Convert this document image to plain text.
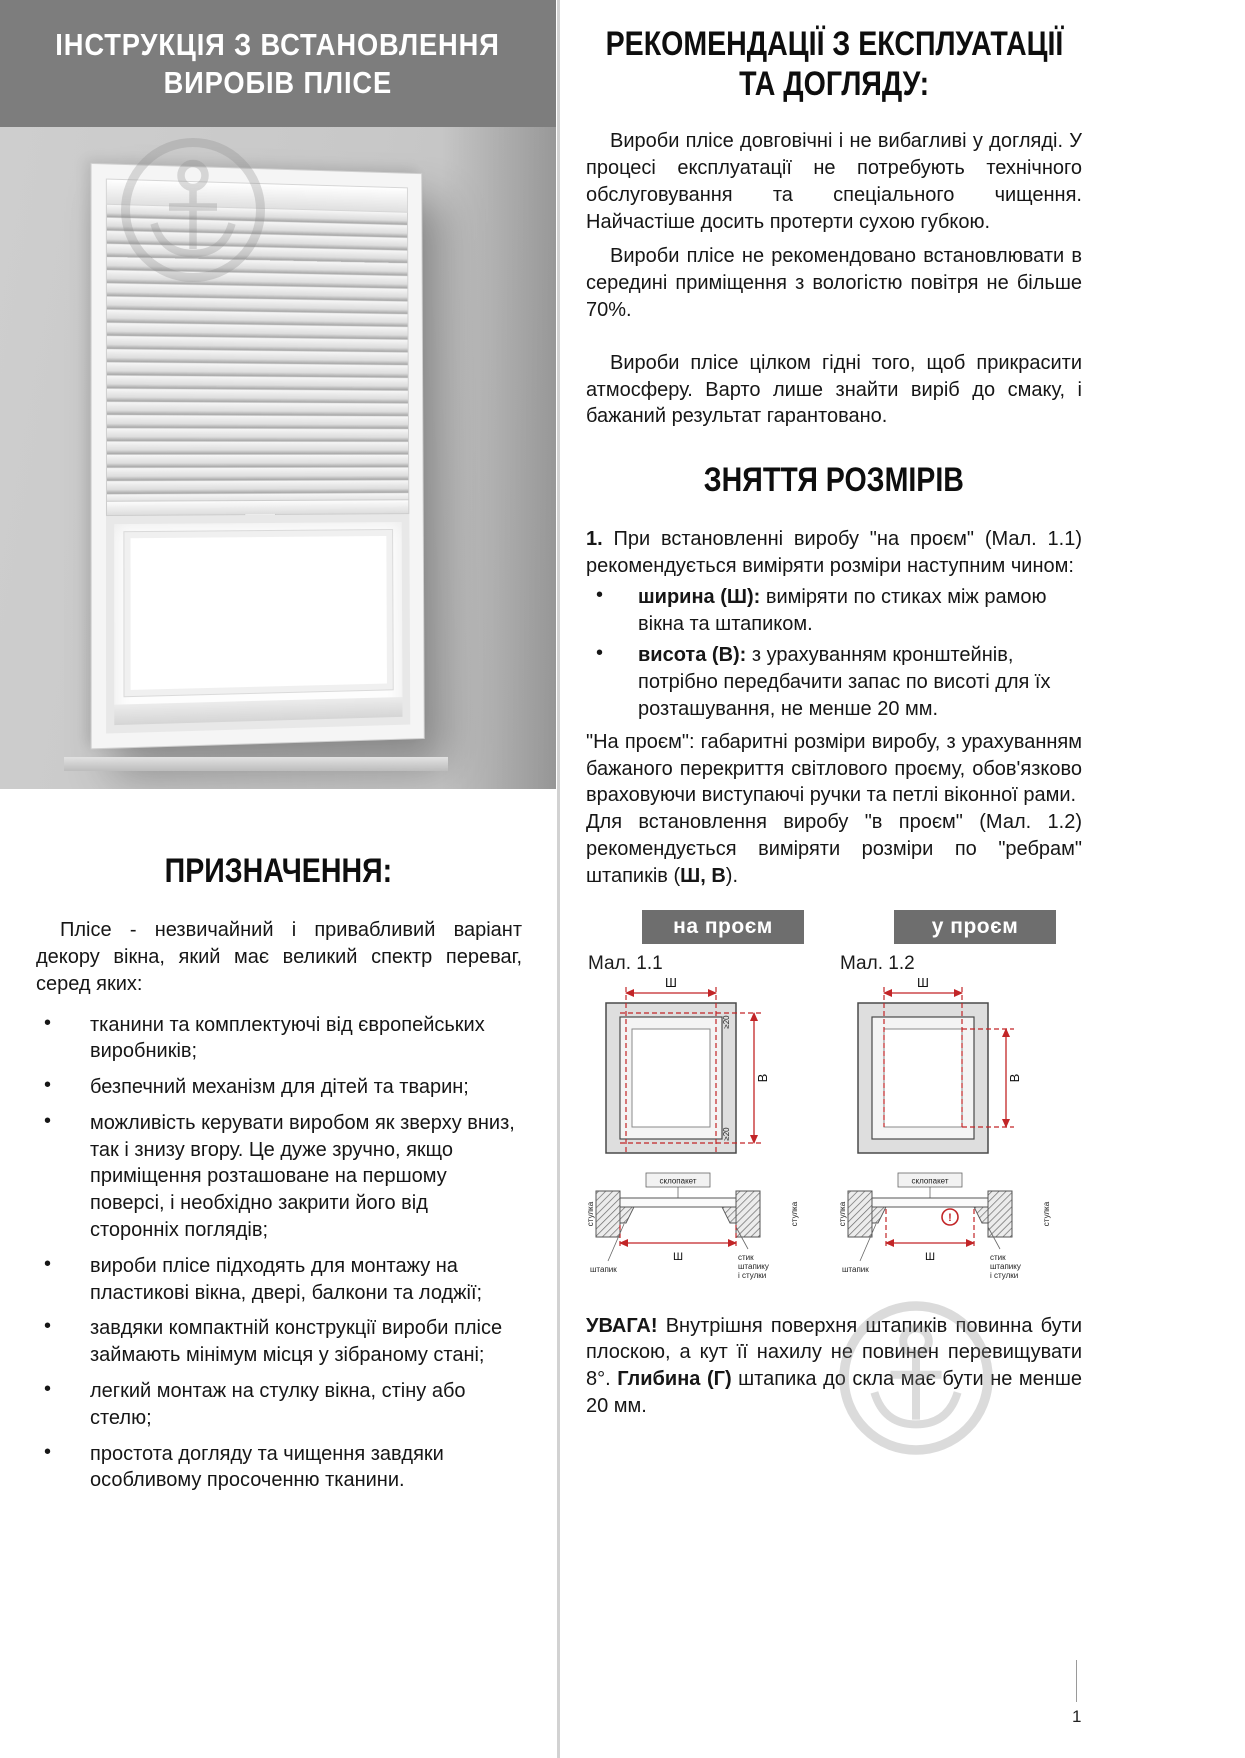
ІНСТРУКЦІЯ З ВСТАНОВЛЕННЯ
ВИРОБІВ ПЛІСЕ
ПРИЗНАЧЕННЯ:

Плісе - незвичайний і привабливий варіант декору вікна, який має великий спектр переваг, серед яких:

• тканини та комплектуючі від європейських виробників;
• безпечний механізм для дітей та тварин;
• можливість керувати виробом як зверху вниз, так і знизу вгору. Це дуже зручно, якщо приміщення розташоване на першому поверсі, і необхідно закрити його від сторонніх поглядів;
• вироби плісе підходять для монтажу на пластикові вікна, двері, балкони та лоджії;
• завдяки компактній конструкції вироби плісе займають мінімум місця у зібраному стані;
• легкий монтаж на стулку вікна, стіну або стелю;
• простота догляду та чищення завдяки особливому просоченню тканини.
РЕКОМЕНДАЦІЇ З ЕКСПЛУАТАЦІЇ
ТА ДОГЛЯДУ:

Вироби плісе довговічні і не вибагливі у догляді. У процесі експлуатації не потребують технічного обслуговування та спеціального чищення. Найчастіше досить протерти сухою губкою.

Вироби плісе не рекомендовано встановлювати в середині приміщення з вологістю повітря не більше 70%.

Вироби плісе цілком гідні того, щоб прикрасити атмосферу. Варто лише знайти виріб до смаку, і бажаний результат гарантовано.

ЗНЯТТЯ РОЗМІРІВ

1. При встановленні виробу "на проєм" (Мал. 1.1) рекомендується виміряти розміри наступним чином:

• ширина (Ш): виміряти по стиках між рамою вікна та штапиком.
• висота (В): з урахуванням кронштейнів, потрібно передбачити запас по висоті для їх розташування, не менше 20 мм.

"На проєм": габаритні розміри виробу, з урахуванням бажаного перекриття світлового проєму, обов'язково враховуючи виступаючі ручки та петлі віконної рами.

Для встановлення виробу "в проєм" (Мал. 1.2) рекомендується виміряти розміри по "ребрам" штапиків (Ш, В).

на проєм
Мал. 1.1
Ш
В
≥20
≥20
склопакет
Ш
стулка	стулка
штапик
стик
штапику
і стулки
у проєм
Мал. 1.2
Ш
В
склопакет
!
Ш
стулка	стулка
штапик
стик
штапику
і стулки

УВАГА! Внутрішня поверхня штапиків повинна бути плоскою, а кут її нахилу не повинен перевищувати 8°. Глибина (Г) штапика до скла має бути не менше 20 мм.

1
